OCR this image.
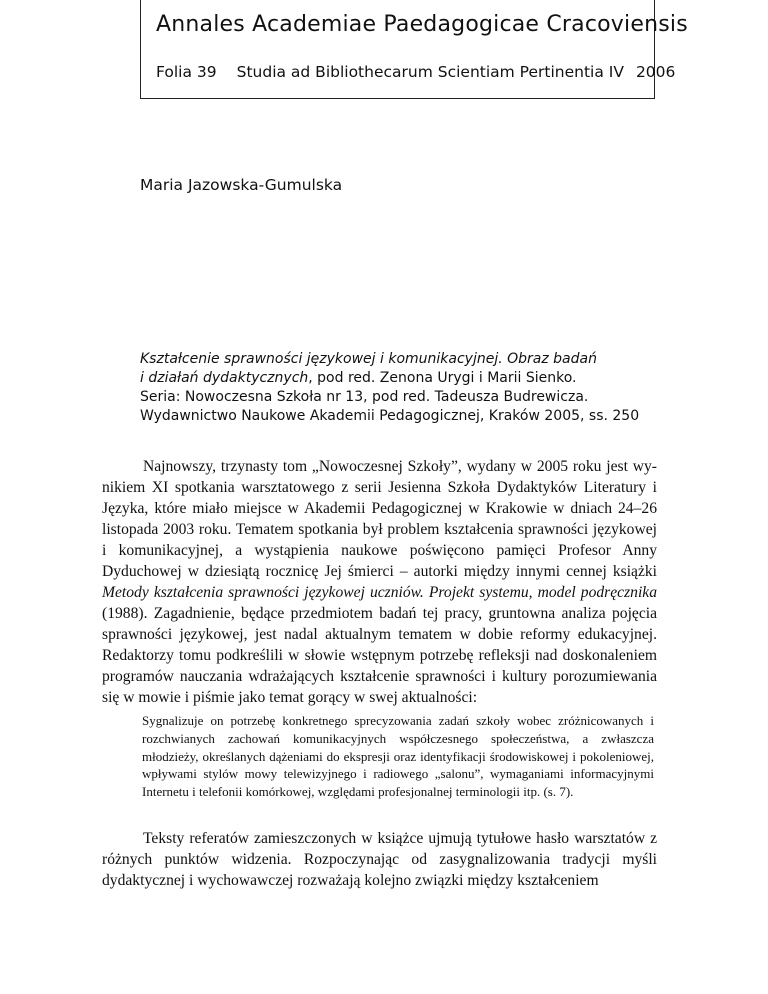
Annales Academiae Paedagogicae Cracoviensis
Folia 39 Studia ad Bibliothecarum Scientiam Pertinentia IV 2006
Maria Jazowska-Gumulska
Kształcenie sprawności językowej i komunikacyjnej. Obraz badań
i działań dydaktycznych, pod red. Zenona Urygi i Marii Sienko.
Seria: Nowoczesna Szkoła nr 13, pod red. Tadeusza Budrewicza.
Wydawnictwo Naukowe Akademii Pedagogicznej, Kraków 2005, ss. 250
Najnowszy, trzynasty tom „Nowoczesnej Szkoły”, wydany w 2005 roku jest wynikiem XI spotkania warsztatowego z serii Jesienna Szkoła Dydaktyków Literatury i Języka, które miało miejsce w Akademii Pedagogicznej w Krakowie w dniach 24–26 listopada 2003 roku. Tematem spotkania był problem kształcenia sprawności językowej i komunikacyjnej, a wystąpienia naukowe poświęcono pamięci Profesor Anny Dyduchowej w dziesiątą rocznicę Jej śmierci – autorki między innymi cennej książki Metody kształcenia sprawności językowej uczniów. Projekt systemu, model podręcznika (1988). Zagadnienie, będące przedmiotem badań tej pracy, gruntowna analiza pojęcia sprawności językowej, jest nadal aktualnym tematem w dobie reformy edukacyjnej. Redaktorzy tomu podkreślili w słowie wstępnym potrzebę refleksji nad doskonaleniem programów nauczania wdrażających kształcenie sprawności i kultury porozumiewania się w mowie i piśmie jako temat gorący w swej aktualności:
Sygnalizuje on potrzebę konkretnego sprecyzowania zadań szkoły wobec zróżnicowanych i rozchwianych zachowań komunikacyjnych współczesnego społeczeństwa, a zwłaszcza młodzieży, określanych dążeniami do ekspresji oraz identyfikacji środowiskowej i pokoleniowej, wpływami stylów mowy telewizyjnego i radiowego „salonu”, wymaganiami informacyjnymi Internetu i telefonii komórkowej, względami profesjonalnej terminologii itp. (s. 7).
Teksty referatów zamieszczonych w książce ujmują tytułowe hasło warsztatów z różnych punktów widzenia. Rozpoczynając od zasygnalizowania tradycji myśli dydaktycznej i wychowawczej rozważają kolejno związki między kształceniem
